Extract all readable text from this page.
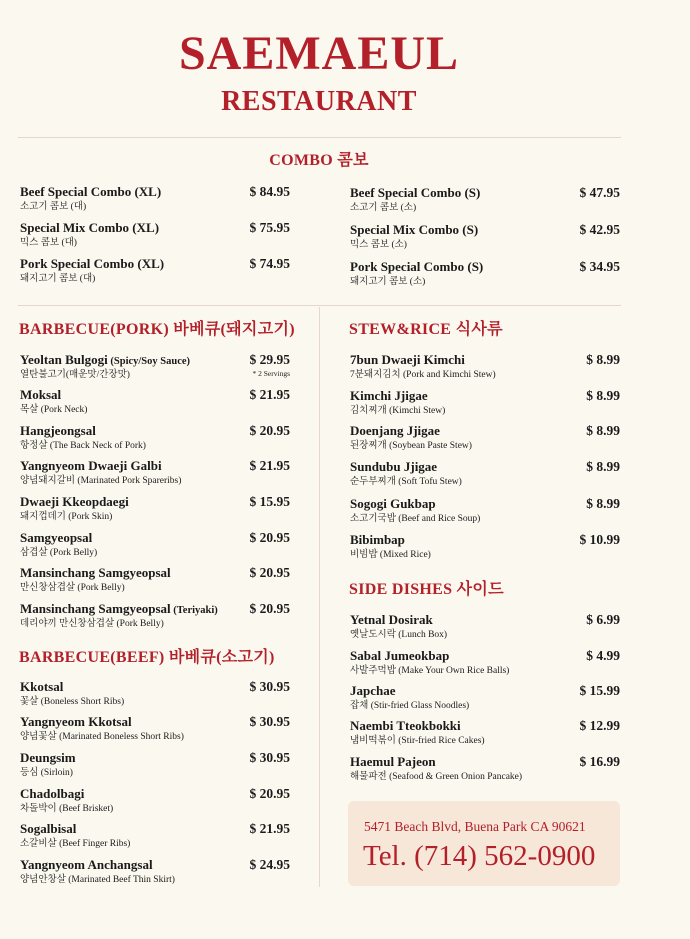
SAEMAEUL
RESTAURANT
COMBO 콤보
Beef Special Combo (XL)
소고기 콤보 (대)
$ 84.95
Special Mix Combo (XL)
믹스 콤보 (대)
$ 75.95
Pork Special Combo (XL)
돼지고기 콤보 (대)
$ 74.95
Beef Special Combo (S)
소고기 콤보 (소)
$ 47.95
Special Mix Combo (S)
믹스 콤보 (소)
$ 42.95
Pork Special Combo (S)
돼지고기 콤보 (소)
$ 34.95
BARBECUE(PORK) 바베큐(돼지고기)
Yeoltan Bulgogi (Spicy/Soy Sauce)
열탄불고기(매운맛/간장맛)
$ 29.95
* 2 Servings
Moksal
목살 (Pork Neck)
$ 21.95
Hangjeongsal
항정살 (The Back Neck of Pork)
$ 20.95
Yangnyeom Dwaeji Galbi
양념돼지갈비 (Marinated Pork Spareribs)
$ 21.95
Dwaeji Kkeopdaegi
돼지껍데기 (Pork Skin)
$ 15.95
Samgyeopsal
삼겹살 (Pork Belly)
$ 20.95
Mansinchang Samgyeopsal
만신창삼겹살 (Pork Belly)
$ 20.95
Mansinchang Samgyeopsal (Teriyaki)
데리야끼 만신창삼겹살 (Pork Belly)
$ 20.95
BARBECUE(BEEF) 바베큐(소고기)
Kkotsal
꽃살 (Boneless Short Ribs)
$ 30.95
Yangnyeom Kkotsal
양념꽃살 (Marinated Boneless Short Ribs)
$ 30.95
Deungsim
등심 (Sirloin)
$ 30.95
Chadolbagi
차돌박이 (Beef Brisket)
$ 20.95
Sogalbisal
소갈비살 (Beef Finger Ribs)
$ 21.95
Yangnyeom Anchangsal
양념안창살 (Marinated Beef Thin Skirt)
$ 24.95
STEW&RICE 식사류
7bun Dwaeji Kimchi
7분돼지김치 (Pork and Kimchi Stew)
$ 8.99
Kimchi Jjigae
김치찌개 (Kimchi Stew)
$ 8.99
Doenjang Jjigae
된장찌개 (Soybean Paste Stew)
$ 8.99
Sundubu Jjigae
순두부찌개 (Soft Tofu Stew)
$ 8.99
Sogogi Gukbap
소고기국밥 (Beef and Rice Soup)
$ 8.99
Bibimbap
비빔밥 (Mixed Rice)
$ 10.99
SIDE DISHES 사이드
Yetnal Dosirak
옛날도시락 (Lunch Box)
$ 6.99
Sabal Jumeokbap
사발주먹밥 (Make Your Own Rice Balls)
$ 4.99
Japchae
잡채 (Stir-fried Glass Noodles)
$ 15.99
Naembi Tteokbokki
냄비떡볶이 (Stir-fried Rice Cakes)
$ 12.99
Haemul Pajeon
해물파전 (Seafood & Green Onion Pancake)
$ 16.99
5471 Beach Blvd, Buena Park CA 90621
Tel. (714) 562-0900
